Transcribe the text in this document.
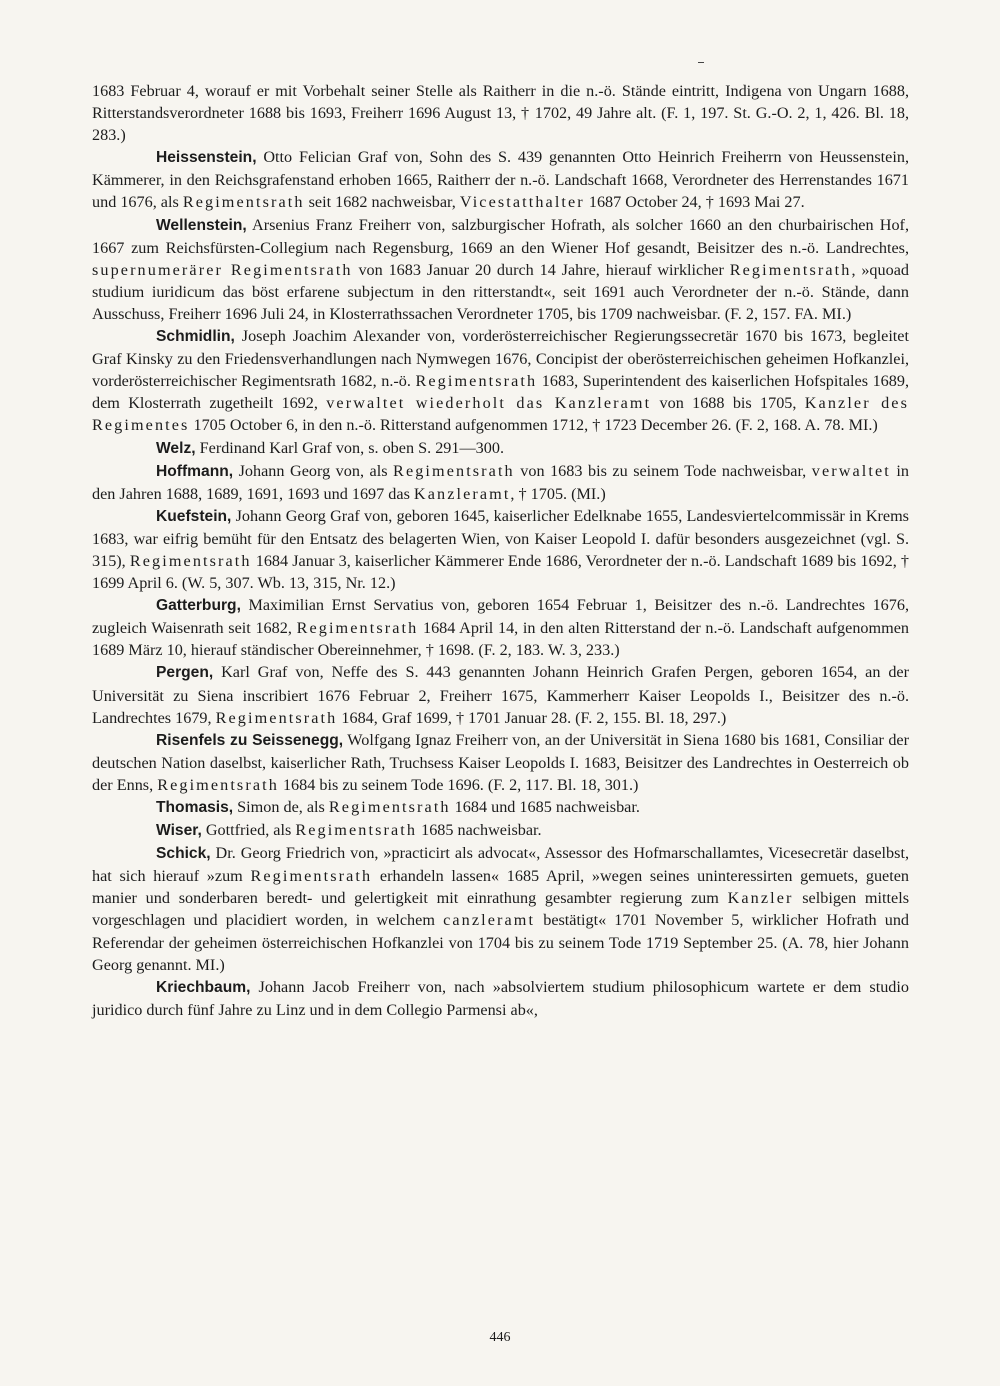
1683 Februar 4, worauf er mit Vorbehalt seiner Stelle als Raitherr in die n.-ö. Stände eintritt, Indigena von Ungarn 1688, Ritterstandsverordneter 1688 bis 1693, Freiherr 1696 August 13, † 1702, 49 Jahre alt. (F. 1, 197. St. G.-O. 2, 1, 426. Bl. 18, 283.)

Heissenstein, Otto Felician Graf von, Sohn des S. 439 genannten Otto Heinrich Freiherrn von Heussenstein, Kämmerer, in den Reichsgrafenstand erhoben 1665, Raitherr der n.-ö. Landschaft 1668, Verordneter des Herrenstandes 1671 und 1676, als Regimentsrath seit 1682 nachweisbar, Vicestatthalter 1687 October 24, † 1693 Mai 27.

Wellenstein, Arsenius Franz Freiherr von, salzburgischer Hofrath, als solcher 1660 an den churbairischen Hof, 1667 zum Reichsfürsten-Collegium nach Regensburg, 1669 an den Wiener Hof gesandt, Beisitzer des n.-ö. Landrechtes, supernumerärer Regimentsrath von 1683 Januar 20 durch 14 Jahre, hierauf wirklicher Regimentsrath, »quoad studium iuridicum das böst erfarene subjectum in den ritterstandt«, seit 1691 auch Verordneter der n.-ö. Stände, dann Ausschuss, Freiherr 1696 Juli 24, in Klosterrathssachen Verordneter 1705, bis 1709 nachweisbar. (F. 2, 157. FA. MI.)

Schmidlin, Joseph Joachim Alexander von, vorderösterreichischer Regierungssecretär 1670 bis 1673, begleitet Graf Kinsky zu den Friedensverhandlungen nach Nymwegen 1676, Concipist der oberösterreichischen geheimen Hofkanzlei, vorderösterreichischer Regimentsrath 1682, n.-ö. Regimentsrath 1683, Superintendent des kaiserlichen Hofspitales 1689, dem Klosterrath zugetheilt 1692, verwaltet wiederholt das Kanzleramt von 1688 bis 1705, Kanzler des Regimentes 1705 October 6, in den n.-ö. Ritterstand aufgenommen 1712, † 1723 December 26. (F. 2, 168. A. 78. MI.)

Welz, Ferdinand Karl Graf von, s. oben S. 291—300.

Hoffmann, Johann Georg von, als Regimentsrath von 1683 bis zu seinem Tode nachweisbar, verwaltet in den Jahren 1688, 1689, 1691, 1693 und 1697 das Kanzleramt, † 1705. (MI.)

Kuefstein, Johann Georg Graf von, geboren 1645, kaiserlicher Edelknabe 1655, Landesviertelcommissär in Krems 1683, war eifrig bemüht für den Entsatz des belagerten Wien, von Kaiser Leopold I. dafür besonders ausgezeichnet (vgl. S. 315), Regimentsrath 1684 Januar 3, kaiserlicher Kämmerer Ende 1686, Verordneter der n.-ö. Landschaft 1689 bis 1692, † 1699 April 6. (W. 5, 307. Wb. 13, 315, Nr. 12.)

Gatterburg, Maximilian Ernst Servatius von, geboren 1654 Februar 1, Beisitzer des n.-ö. Landrechtes 1676, zugleich Waisenrath seit 1682, Regimentsrath 1684 April 14, in den alten Ritterstand der n.-ö. Landschaft aufgenommen 1689 März 10, hierauf ständischer Obereinnehmer, † 1698. (F. 2, 183. W. 3, 233.)

Pergen, Karl Graf von, Neffe des S. 443 genannten Johann Heinrich Grafen Pergen, geboren 1654, an der Universität zu Siena inscribiert 1676 Februar 2, Freiherr 1675, Kammerherr Kaiser Leopolds I., Beisitzer des n.-ö. Landrechtes 1679, Regimentsrath 1684, Graf 1699, † 1701 Januar 28. (F. 2, 155. Bl. 18, 297.)

Risenfels zu Seissenegg, Wolfgang Ignaz Freiherr von, an der Universität in Siena 1680 bis 1681, Consiliar der deutschen Nation daselbst, kaiserlicher Rath, Truchsess Kaiser Leopolds I. 1683, Beisitzer des Landrechtes in Oesterreich ob der Enns, Regimentsrath 1684 bis zu seinem Tode 1696. (F. 2, 117. Bl. 18, 301.)

Thomasis, Simon de, als Regimentsrath 1684 und 1685 nachweisbar.

Wiser, Gottfried, als Regimentsrath 1685 nachweisbar.

Schick, Dr. Georg Friedrich von, »practicirt als advocat«, Assessor des Hofmarschallamtes, Vicesecretär daselbst, hat sich hierauf »zum Regimentsrath erhandeln lassen« 1685 April, »wegen seines uninteressirten gemuets, gueten manier und sonderbaren beredt- und gelertigkeit mit einrathung gesambter regierung zum Kanzler selbigen mittels vorgeschlagen und placidiert worden, in welchem canzleramt bestätigt« 1701 November 5, wirklicher Hofrath und Referendar der geheimen österreichischen Hofkanzlei von 1704 bis zu seinem Tode 1719 September 25. (A. 78, hier Johann Georg genannt. MI.)

Kriechbaum, Johann Jacob Freiherr von, nach »absolviertem studium philosophicum wartete er dem studio juridico durch fünf Jahre zu Linz und in dem Collegio Parmensi ab«,

446
